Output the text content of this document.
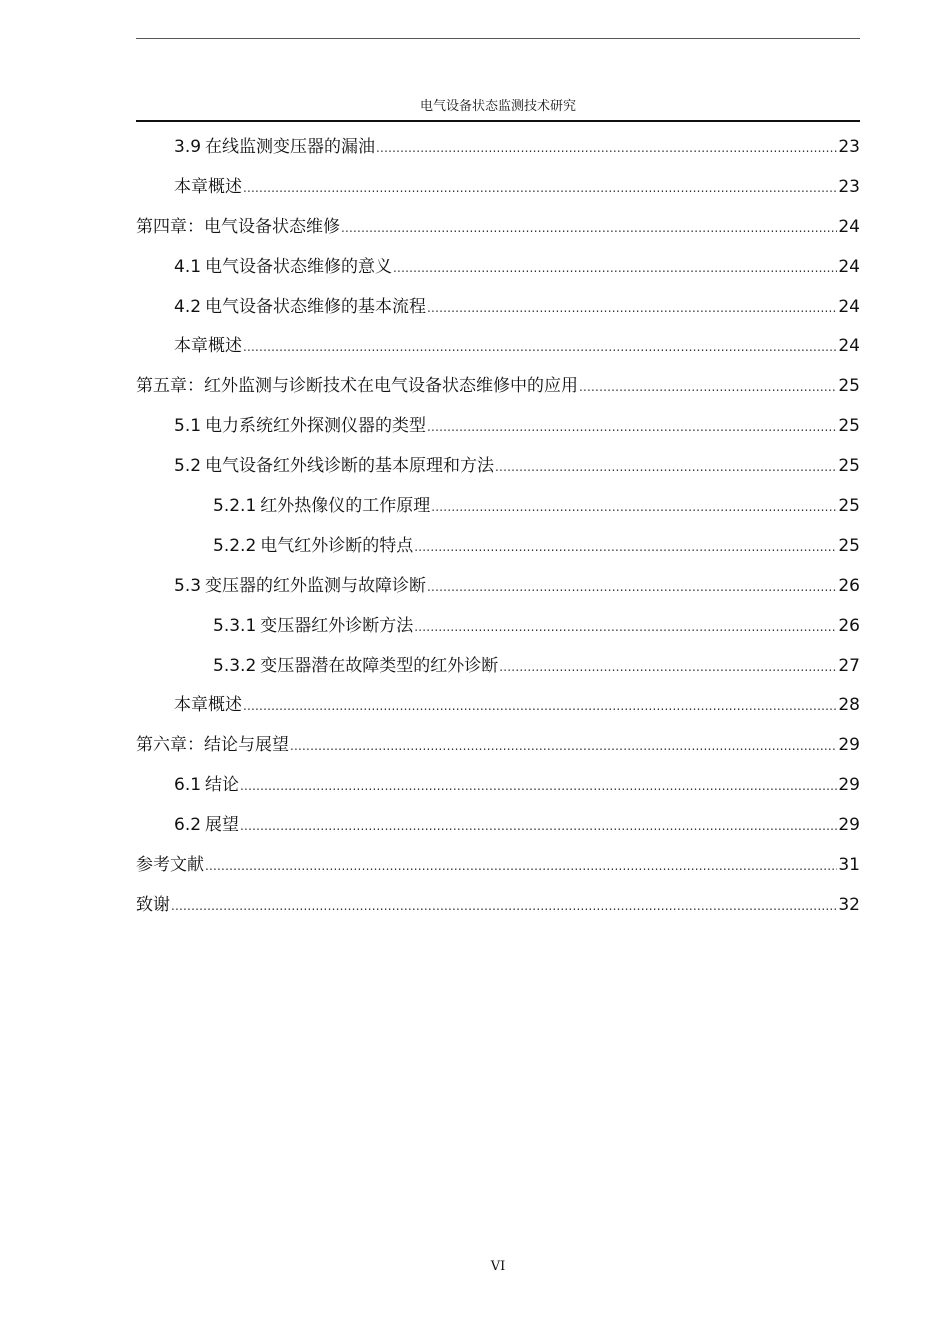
电气设备状态监测技术研究
3.9 在线监测变压器的漏油 .....	23
本章概述 .....	23
第四章：电气设备状态维修 .....	24
4.1 电气设备状态维修的意义 .....	24
4.2 电气设备状态维修的基本流程 .....	24
本章概述 .....	24
第五章：红外监测与诊断技术在电气设备状态维修中的应用 .....	25
5.1 电力系统红外探测仪器的类型 .....	25
5.2 电气设备红外线诊断的基本原理和方法 .....	25
5.2.1 红外热像仪的工作原理 .....	25
5.2.2 电气红外诊断的特点 .....	25
5.3 变压器的红外监测与故障诊断 .....	26
5.3.1 变压器红外诊断方法 .....	26
5.3.2 变压器潜在故障类型的红外诊断 .....	27
本章概述 .....	28
第六章：结论与展望 .....	29
6.1 结论 .....	29
6.2 展望 .....	29
参考文献 .....	31
致谢 .....	32
VI
